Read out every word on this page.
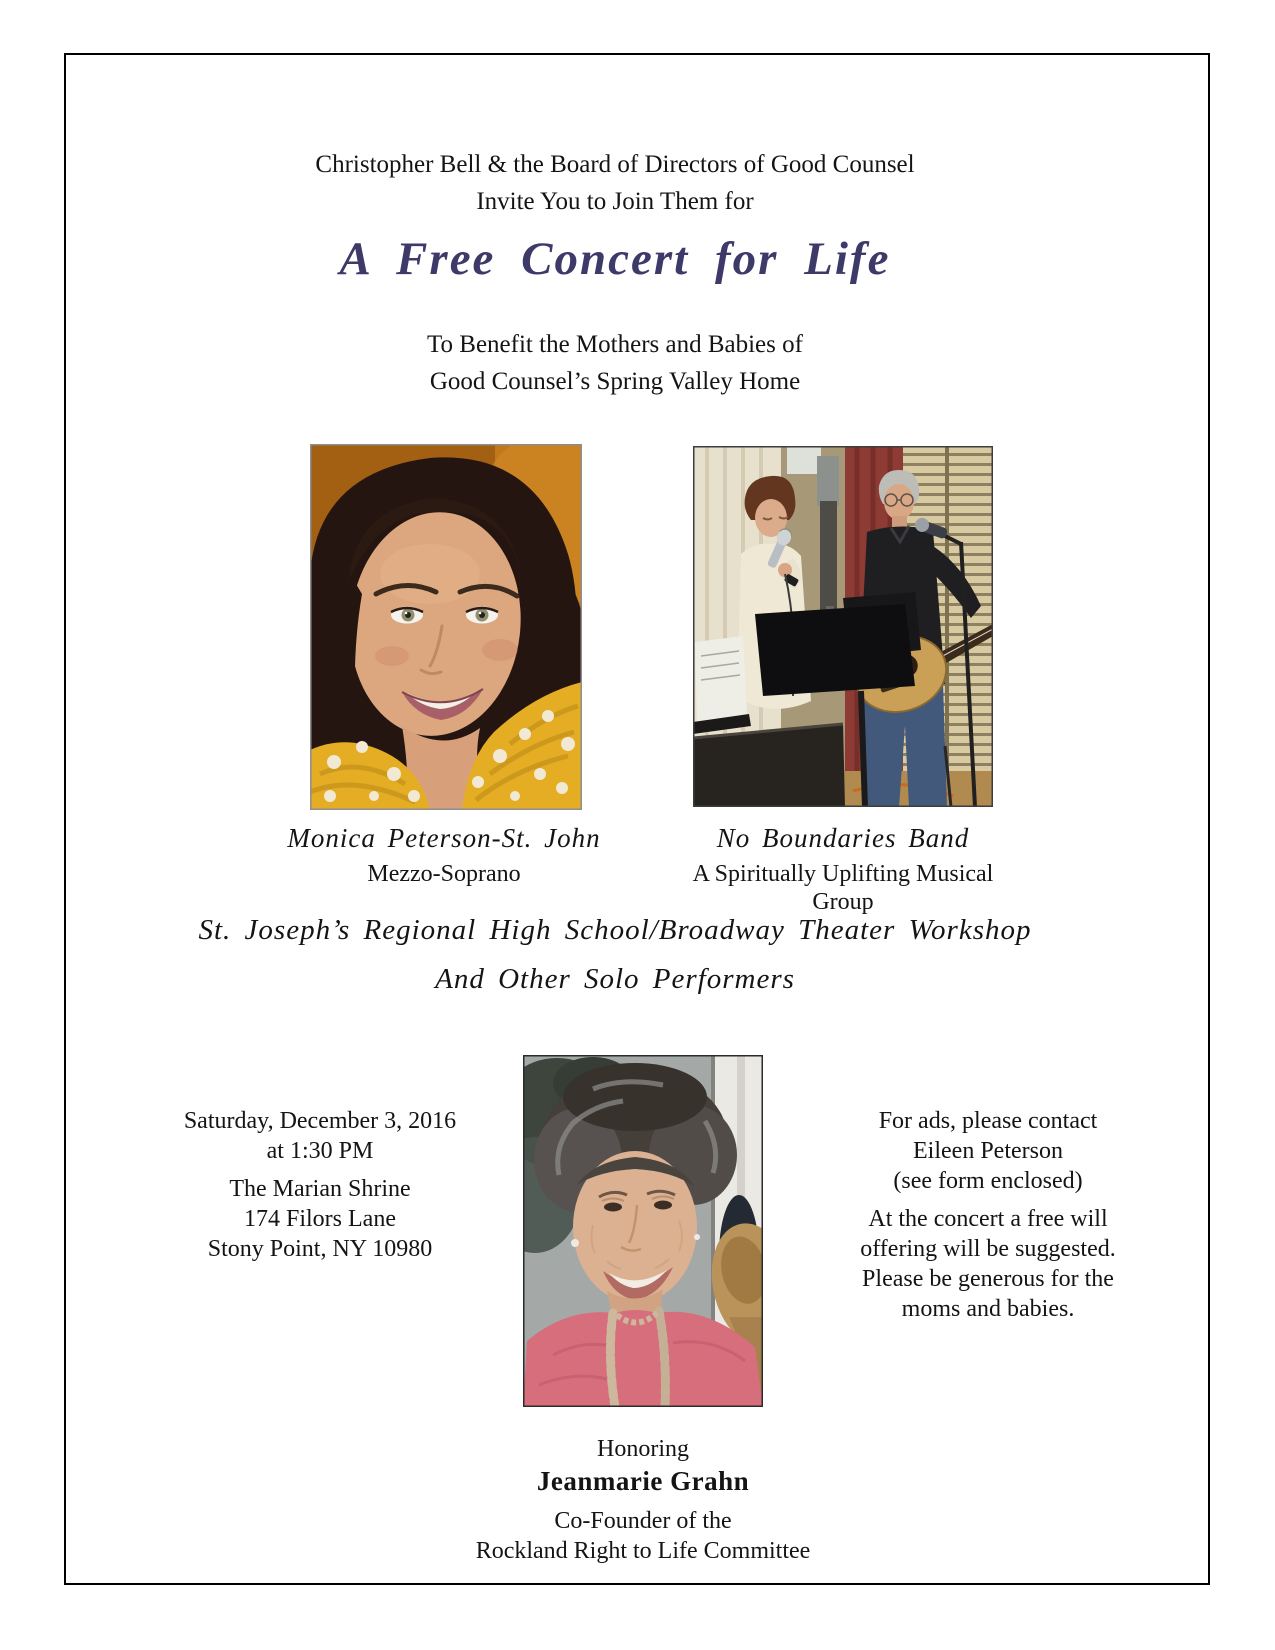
Christopher Bell & the Board of Directors of Good Counsel
Invite You to Join Them for
A Free Concert for Life
To Benefit the Mothers and Babies of
Good Counsel’s Spring Valley Home
Monica Peterson-St. John
Mezzo-Soprano
No Boundaries Band
A Spiritually Uplifting Musical Group
St. Joseph’s Regional High School/Broadway Theater Workshop
And Other Solo Performers
Saturday, December 3, 2016
at 1:30 PM
The Marian Shrine
174 Filors Lane
Stony Point, NY 10980
For ads, please contact
Eileen Peterson
(see form enclosed)
At the concert a free will
offering will be suggested.
Please be generous for the
moms and babies.
Honoring
Jeanmarie Grahn
Co-Founder of the
Rockland Right to Life Committee
